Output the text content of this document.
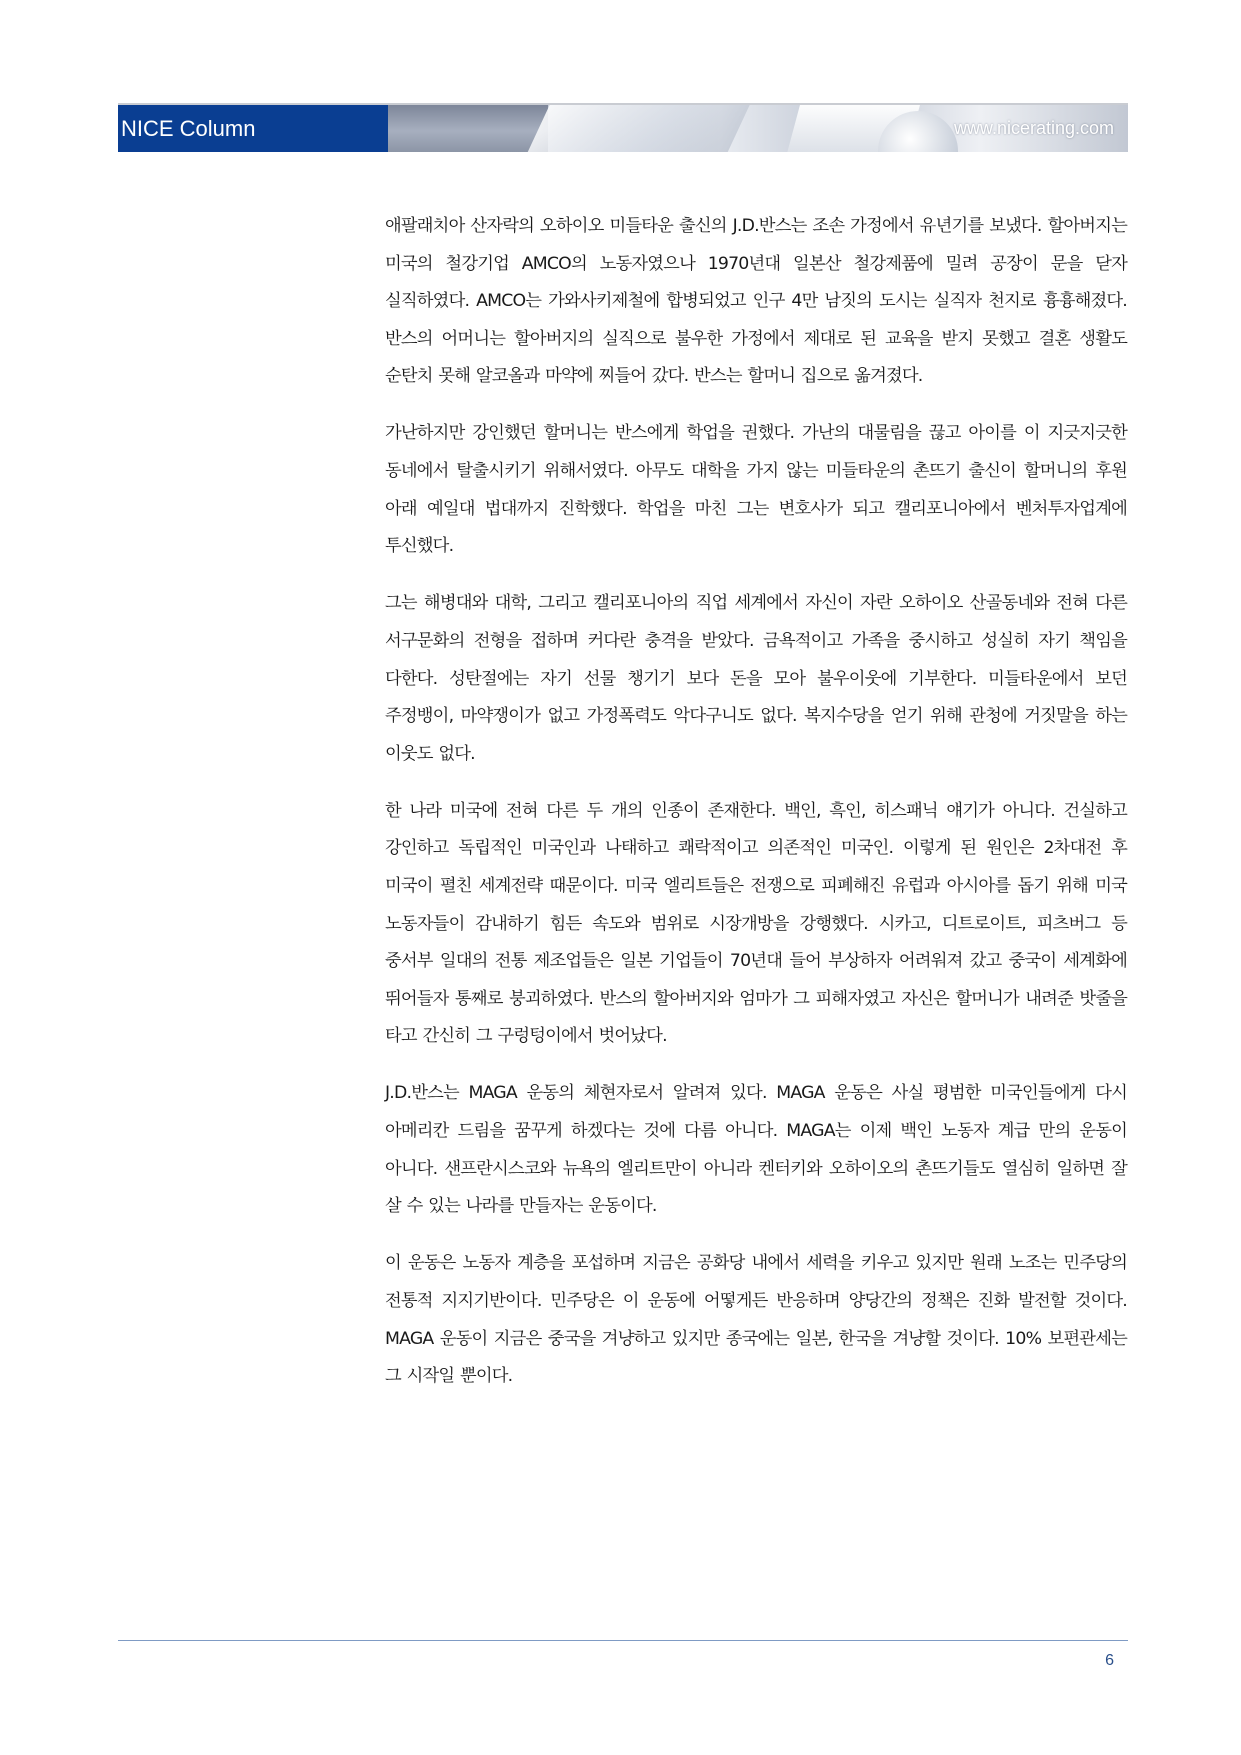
NICE Column	www.nicerating.com

애팔래치아 산자락의 오하이오 미들타운 출신의 J.D.반스는 조손 가정에서 유년기를 보냈다. 할아버지는 미국의 철강기업 AMCO의 노동자였으나 1970년대 일본산 철강제품에 밀려 공장이 문을 닫자 실직하였다. AMCO는 가와사키제철에 합병되었고 인구 4만 남짓의 도시는 실직자 천지로 흉흉해졌다. 반스의 어머니는 할아버지의 실직으로 불우한 가정에서 제대로 된 교육을 받지 못했고 결혼 생활도 순탄치 못해 알코올과 마약에 찌들어 갔다. 반스는 할머니 집으로 옮겨졌다.

가난하지만 강인했던 할머니는 반스에게 학업을 권했다. 가난의 대물림을 끊고 아이를 이 지긋지긋한 동네에서 탈출시키기 위해서였다. 아무도 대학을 가지 않는 미들타운의 촌뜨기 출신이 할머니의 후원 아래 예일대 법대까지 진학했다. 학업을 마친 그는 변호사가 되고 캘리포니아에서 벤처투자업계에 투신했다.

그는 해병대와 대학, 그리고 캘리포니아의 직업 세계에서 자신이 자란 오하이오 산골동네와 전혀 다른 서구문화의 전형을 접하며 커다란 충격을 받았다. 금욕적이고 가족을 중시하고 성실히 자기 책임을 다한다. 성탄절에는 자기 선물 챙기기 보다 돈을 모아 불우이웃에 기부한다. 미들타운에서 보던 주정뱅이, 마약쟁이가 없고 가정폭력도 악다구니도 없다. 복지수당을 얻기 위해 관청에 거짓말을 하는 이웃도 없다.

한 나라 미국에 전혀 다른 두 개의 인종이 존재한다. 백인, 흑인, 히스패닉 얘기가 아니다. 건실하고 강인하고 독립적인 미국인과 나태하고 쾌락적이고 의존적인 미국인. 이렇게 된 원인은 2차대전 후 미국이 펼친 세계전략 때문이다. 미국 엘리트들은 전쟁으로 피폐해진 유럽과 아시아를 돕기 위해 미국 노동자들이 감내하기 힘든 속도와 범위로 시장개방을 강행했다. 시카고, 디트로이트, 피츠버그 등 중서부 일대의 전통 제조업들은 일본 기업들이 70년대 들어 부상하자 어려워져 갔고 중국이 세계화에 뛰어들자 통째로 붕괴하였다. 반스의 할아버지와 엄마가 그 피해자였고 자신은 할머니가 내려준 밧줄을 타고 간신히 그 구렁텅이에서 벗어났다.

J.D.반스는 MAGA 운동의 체현자로서 알려져 있다. MAGA 운동은 사실 평범한 미국인들에게 다시 아메리칸 드림을 꿈꾸게 하겠다는 것에 다름 아니다. MAGA는 이제 백인 노동자 계급 만의 운동이 아니다. 샌프란시스코와 뉴욕의 엘리트만이 아니라 켄터키와 오하이오의 촌뜨기들도 열심히 일하면 잘 살 수 있는 나라를 만들자는 운동이다.

이 운동은 노동자 계층을 포섭하며 지금은 공화당 내에서 세력을 키우고 있지만 원래 노조는 민주당의 전통적 지지기반이다. 민주당은 이 운동에 어떻게든 반응하며 양당간의 정책은 진화 발전할 것이다. MAGA 운동이 지금은 중국을 겨냥하고 있지만 종국에는 일본, 한국을 겨냥할 것이다. 10% 보편관세는 그 시작일 뿐이다.

6
